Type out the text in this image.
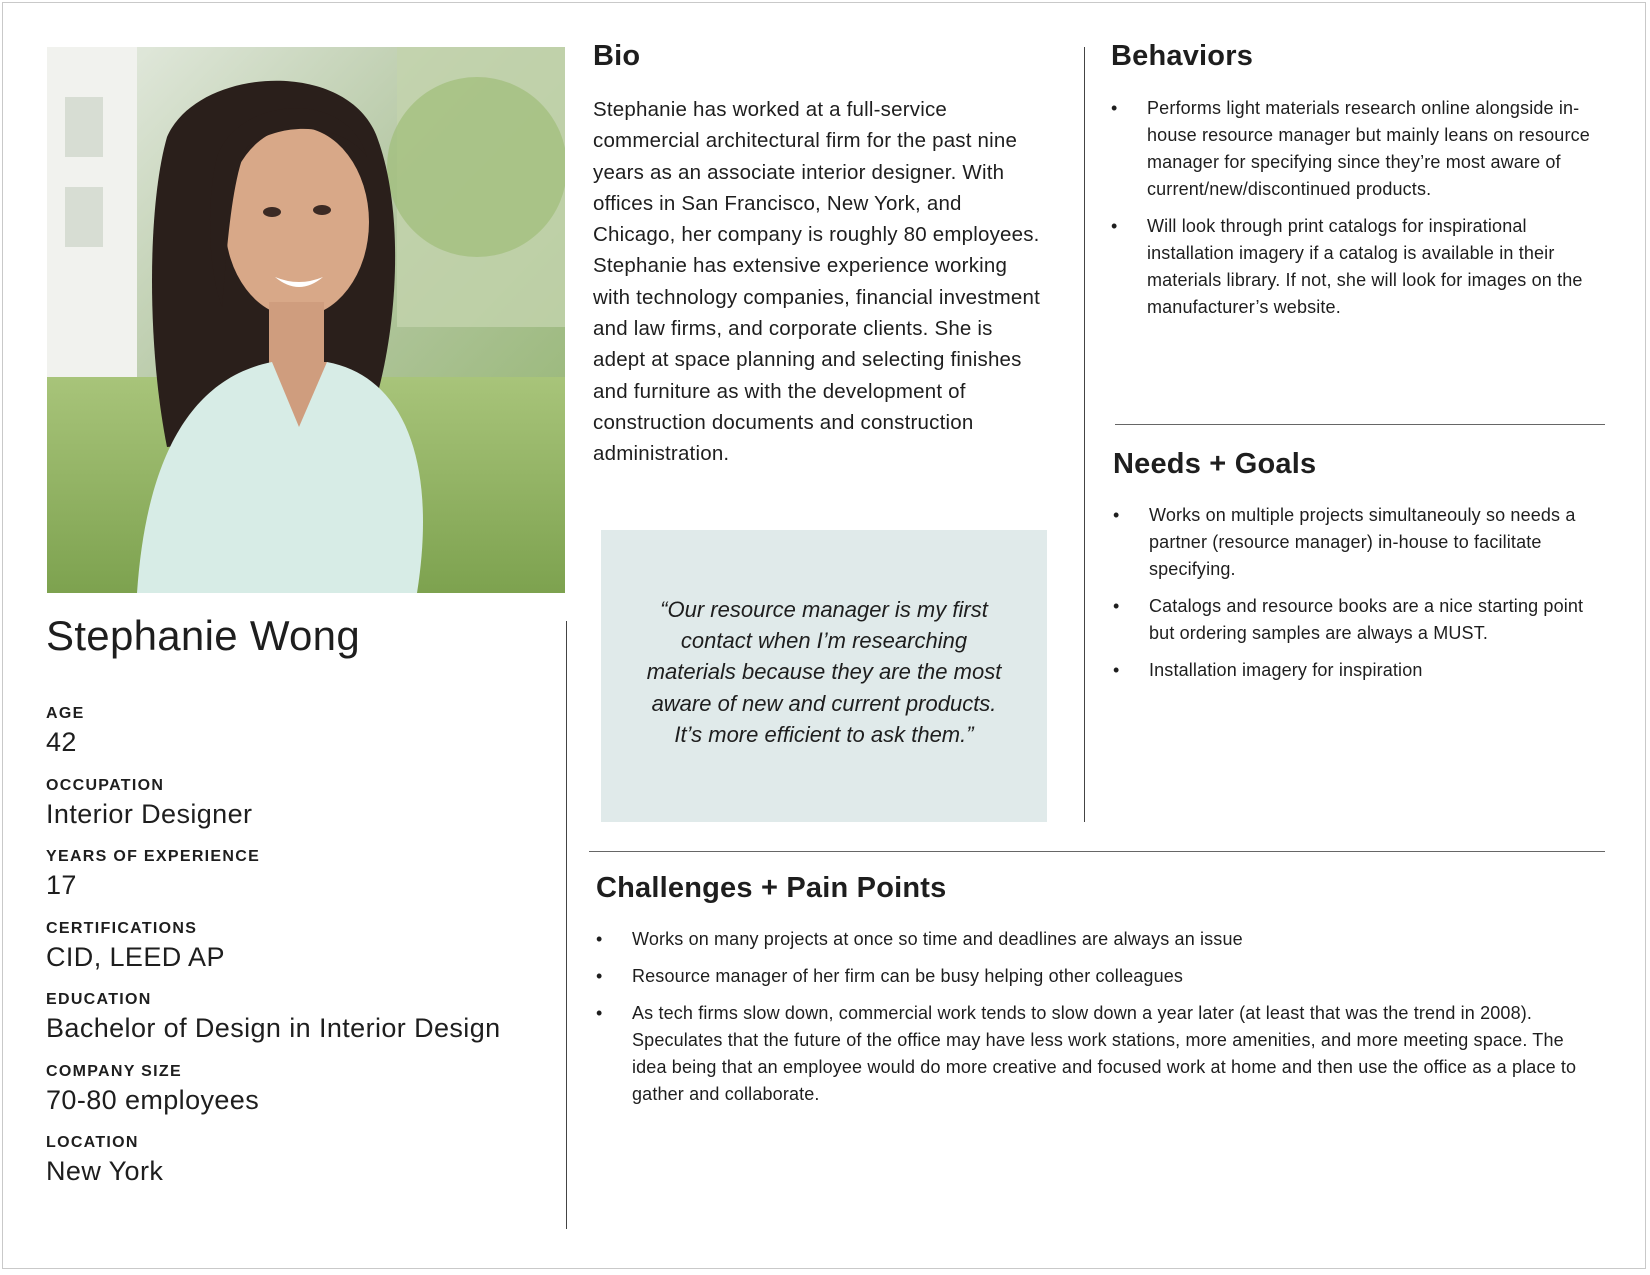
Stephanie Wong
AGE
42
OCCUPATION
Interior Designer
YEARS OF EXPERIENCE
17
CERTIFICATIONS
CID, LEED AP
EDUCATION
Bachelor of Design in Interior Design
COMPANY SIZE
70-80 employees
LOCATION
New York
Bio
Stephanie has worked at a full-service commercial architectural firm for the past nine years as an associate interior designer. With offices in San Francisco, New York, and Chicago, her company is roughly 80 employees. Stephanie has extensive experience working with technology companies, financial investment and law firms, and corporate clients. She is adept at space planning and selecting finishes and furniture as with the development of construction documents and construction administration.
“Our resource manager is my first contact when I’m researching materials because they are the most aware of new and current products. It’s more efficient to ask them.”
Behaviors
• Performs light materials research online alongside in-house resource manager but mainly leans on resource manager for specifying since they’re most aware of current/new/discontinued products.
• Will look through print catalogs for inspirational installation imagery if a catalog is available in their materials library. If not, she will look for images on the manufacturer’s website.
Needs + Goals
• Works on multiple projects simultaneouly so needs a partner (resource manager) in-house to facilitate specifying.
• Catalogs and resource books are a nice starting point but ordering samples are always a MUST.
• Installation imagery for inspiration
Challenges + Pain Points
• Works on many projects at once so time and deadlines are always an issue
• Resource manager of her firm can be busy helping other colleagues
• As tech firms slow down, commercial work tends to slow down a year later (at least that was the trend in 2008). Speculates that the future of the office may have less work stations, more amenities, and more meeting space. The idea being that an employee would do more creative and focused work at home and then use the office as a place to gather and collaborate.
